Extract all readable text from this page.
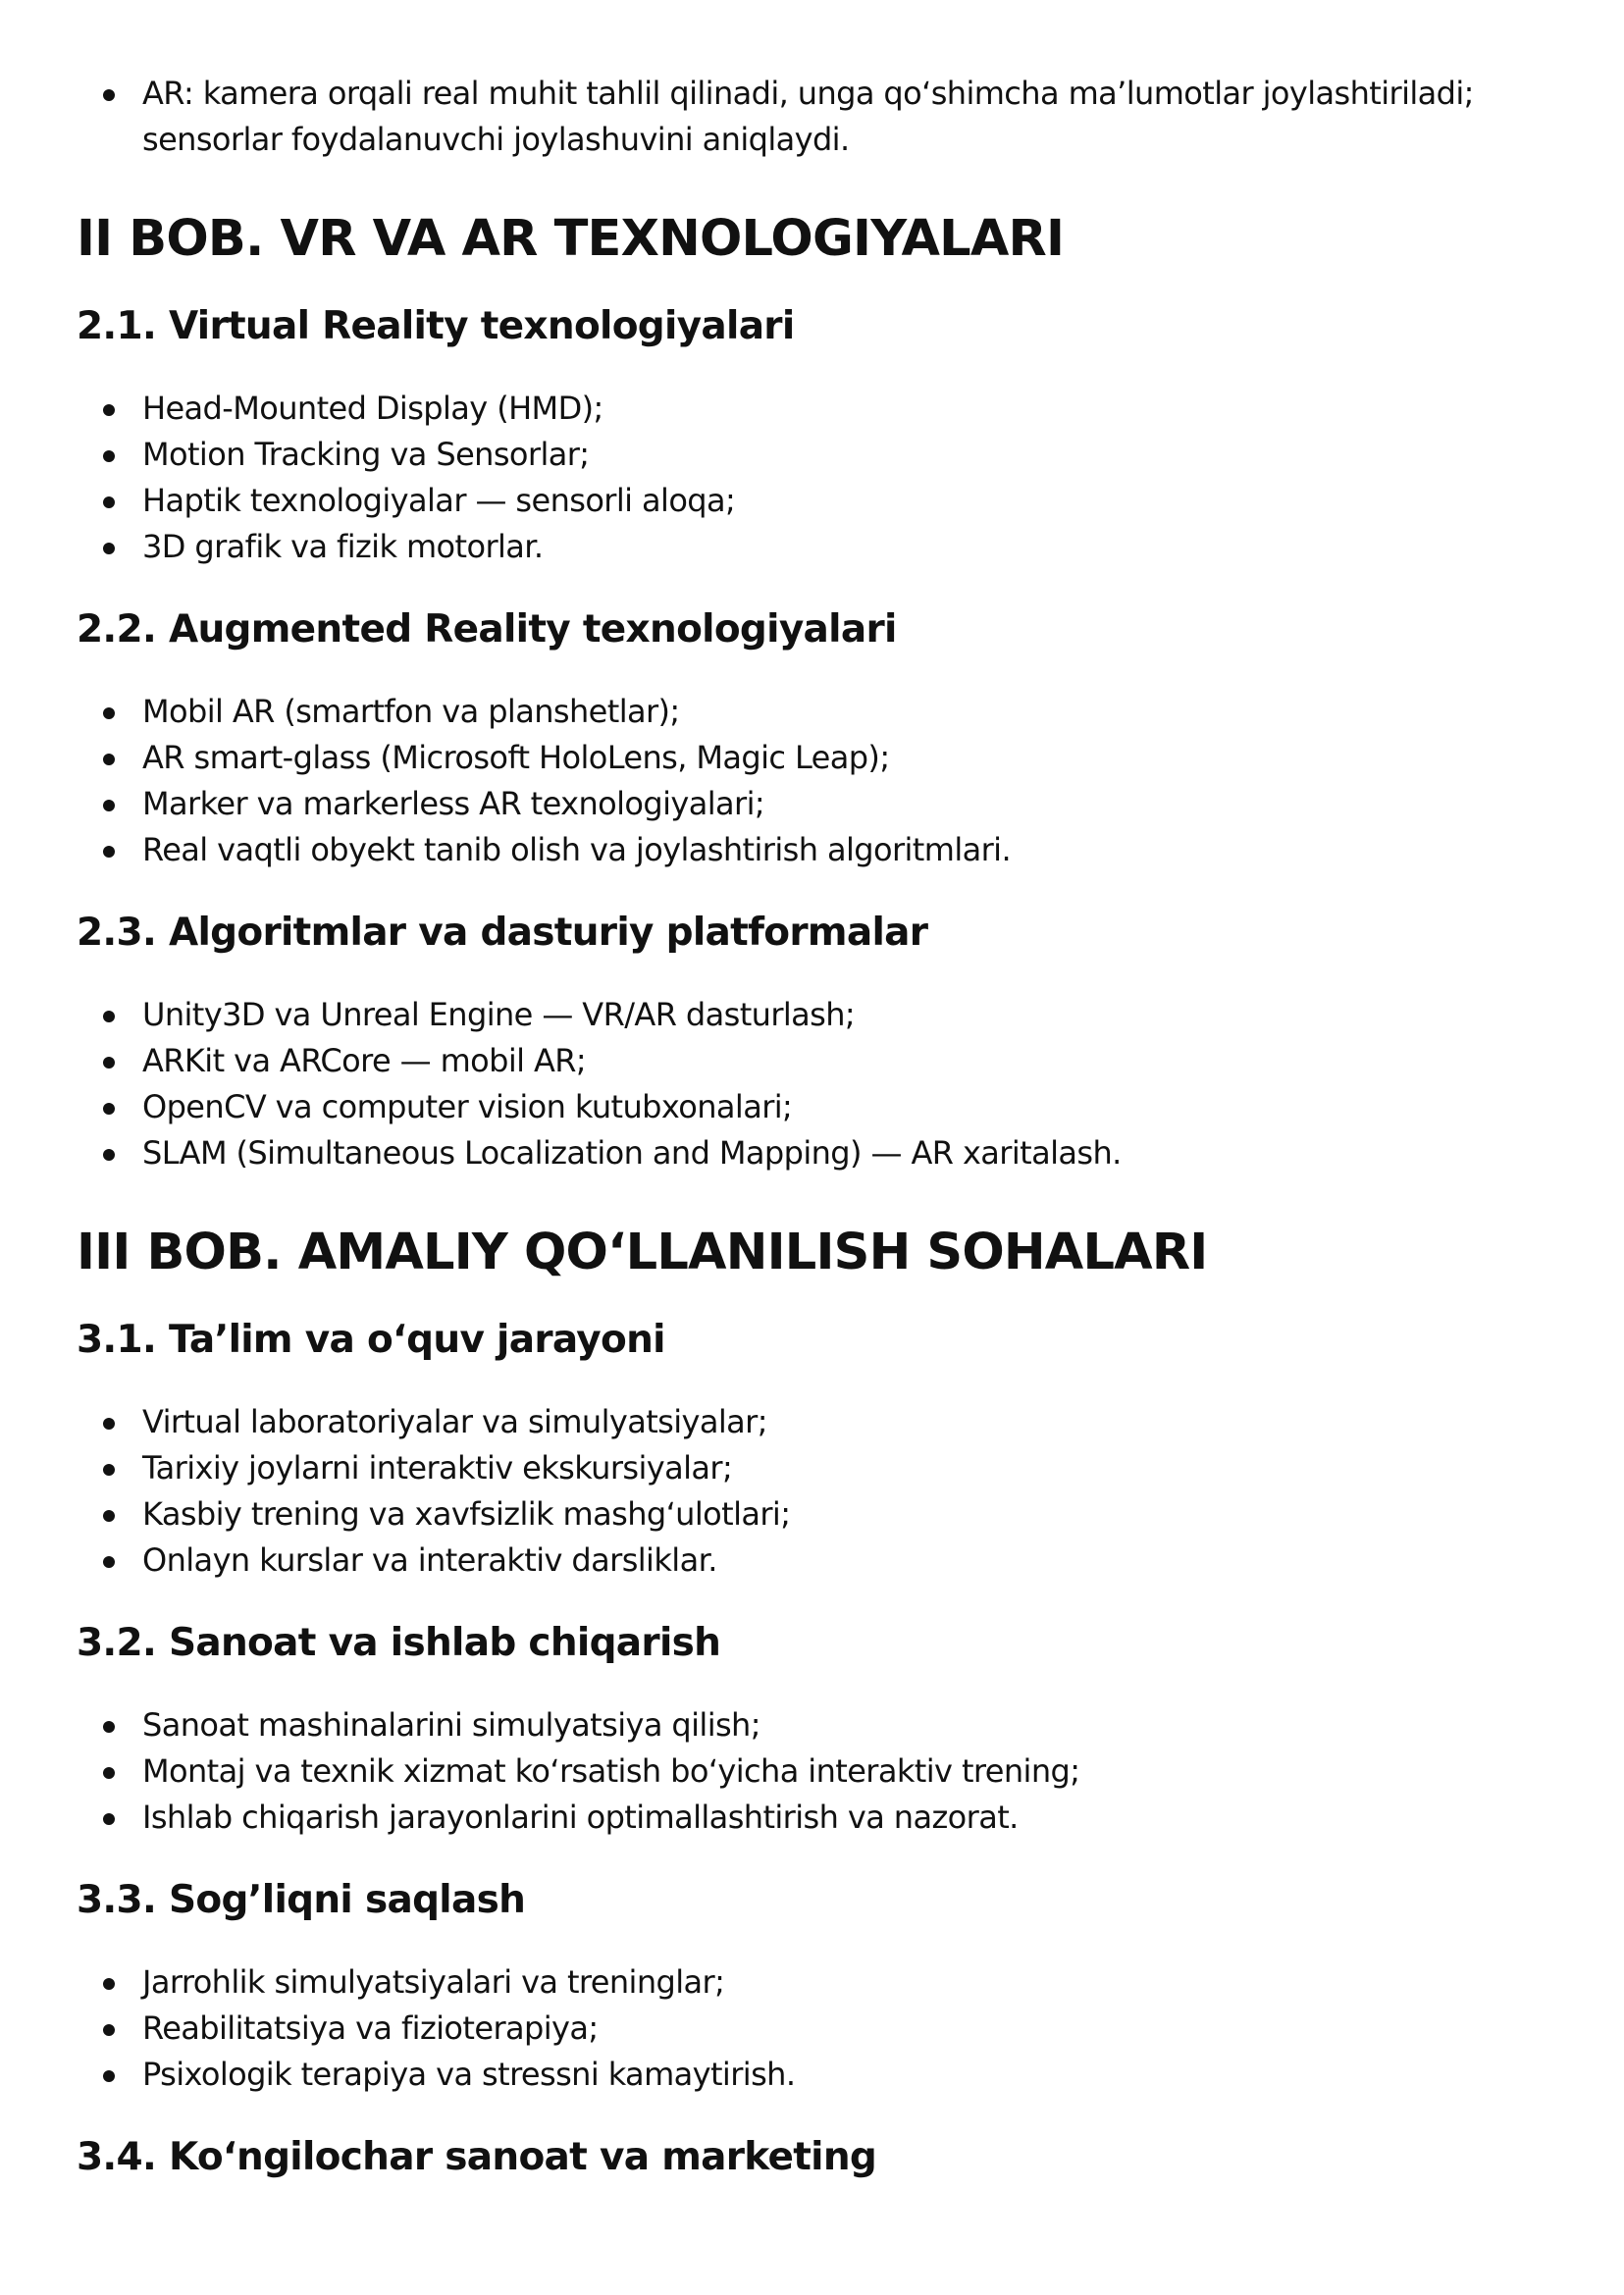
AR: kamera orqali real muhit tahlil qilinadi, unga qo‘shimcha ma’lumotlar joylashtiriladi; sensorlar foydalanuvchi joylashuvini aniqlaydi.
II BOB. VR VA AR TEXNOLOGIYALARI
2.1. Virtual Reality texnologiyalari
Head-Mounted Display (HMD);
Motion Tracking va Sensorlar;
Haptik texnologiyalar — sensorli aloqa;
3D grafik va fizik motorlar.
2.2. Augmented Reality texnologiyalari
Mobil AR (smartfon va planshetlar);
AR smart-glass (Microsoft HoloLens, Magic Leap);
Marker va markerless AR texnologiyalari;
Real vaqtli obyekt tanib olish va joylashtirish algoritmlari.
2.3. Algoritmlar va dasturiy platformalar
Unity3D va Unreal Engine — VR/AR dasturlash;
ARKit va ARCore — mobil AR;
OpenCV va computer vision kutubxonalari;
SLAM (Simultaneous Localization and Mapping) — AR xaritalash.
III BOB. AMALIY QO‘LLANILISH SOHALARI
3.1. Ta’lim va o‘quv jarayoni
Virtual laboratoriyalar va simulyatsiyalar;
Tarixiy joylarni interaktiv ekskursiyalar;
Kasbiy trening va xavfsizlik mashg‘ulotlari;
Onlayn kurslar va interaktiv darsliklar.
3.2. Sanoat va ishlab chiqarish
Sanoat mashinalarini simulyatsiya qilish;
Montaj va texnik xizmat ko‘rsatish bo‘yicha interaktiv trening;
Ishlab chiqarish jarayonlarini optimallashtirish va nazorat.
3.3. Sog’liqni saqlash
Jarrohlik simulyatsiyalari va treninglar;
Reabilitatsiya va fizioterapiya;
Psixologik terapiya va stressni kamaytirish.
3.4. Ko‘ngilochar sanoat va marketing
